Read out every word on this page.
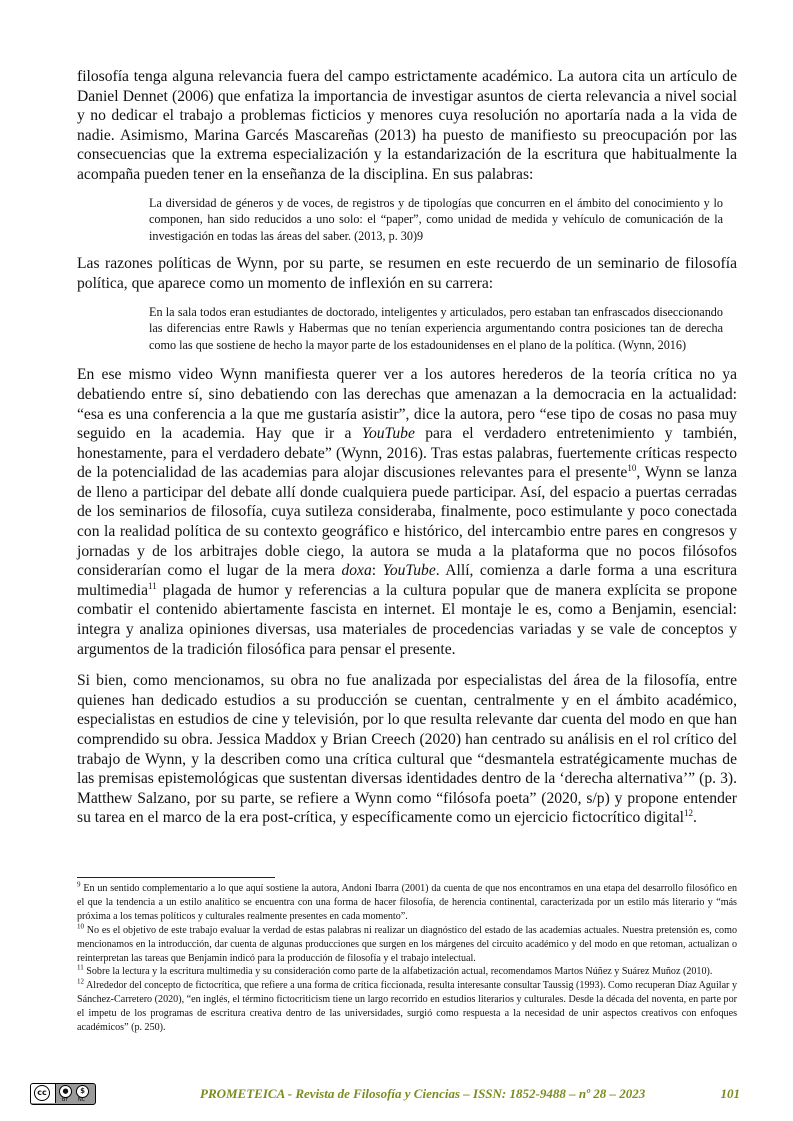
filosofía tenga alguna relevancia fuera del campo estrictamente académico. La autora cita un artículo de Daniel Dennet (2006) que enfatiza la importancia de investigar asuntos de cierta relevancia a nivel social y no dedicar el trabajo a problemas ficticios y menores cuya resolución no aportaría nada a la vida de nadie. Asimismo, Marina Garcés Mascareñas (2013) ha puesto de manifiesto su preocupación por las consecuencias que la extrema especialización y la estandarización de la escritura que habitualmente la acompaña pueden tener en la enseñanza de la disciplina. En sus palabras:

La diversidad de géneros y de voces, de registros y de tipologías que concurren en el ámbito del conocimiento y lo componen, han sido reducidos a uno solo: el “paper”, como unidad de medida y vehículo de comunicación de la investigación en todas las áreas del saber. (2013, p. 30)9

Las razones políticas de Wynn, por su parte, se resumen en este recuerdo de un seminario de filosofía política, que aparece como un momento de inflexión en su carrera:

En la sala todos eran estudiantes de doctorado, inteligentes y articulados, pero estaban tan enfrascados diseccionando las diferencias entre Rawls y Habermas que no tenían experiencia argumentando contra posiciones tan de derecha como las que sostiene de hecho la mayor parte de los estadounidenses en el plano de la política. (Wynn, 2016)

En ese mismo video Wynn manifiesta querer ver a los autores herederos de la teoría crítica no ya debatiendo entre sí, sino debatiendo con las derechas que amenazan a la democracia en la actualidad: “esa es una conferencia a la que me gustaría asistir”, dice la autora, pero “ese tipo de cosas no pasa muy seguido en la academia. Hay que ir a YouTube para el verdadero entretenimiento y también, honestamente, para el verdadero debate” (Wynn, 2016). Tras estas palabras, fuertemente críticas respecto de la potencialidad de las academias para alojar discusiones relevantes para el presente$^{10}$, Wynn se lanza de lleno a participar del debate allí donde cualquiera puede participar. Así, del espacio a puertas cerradas de los seminarios de filosofía, cuya sutileza consideraba, finalmente, poco estimulante y poco conectada con la realidad política de su contexto geográfico e histórico, del intercambio entre pares en congresos y jornadas y de los arbitrajes doble ciego, la autora se muda a la plataforma que no pocos filósofos considerarían como el lugar de la mera doxa: YouTube. Allí, comienza a darle forma a una escritura multimedia$^{11}$ plagada de humor y referencias a la cultura popular que de manera explícita se propone combatir el contenido abiertamente fascista en internet. El montaje le es, como a Benjamin, esencial: integra y analiza opiniones diversas, usa materiales de procedencias variadas y se vale de conceptos y argumentos de la tradición filosófica para pensar el presente.

Si bien, como mencionamos, su obra no fue analizada por especialistas del área de la filosofía, entre quienes han dedicado estudios a su producción se cuentan, centralmente y en el ámbito académico, especialistas en estudios de cine y televisión, por lo que resulta relevante dar cuenta del modo en que han comprendido su obra. Jessica Maddox y Brian Creech (2020) han centrado su análisis en el rol crítico del trabajo de Wynn, y la describen como una crítica cultural que “desmantela estratégicamente muchas de las premisas epistemológicas que sustentan diversas identidades dentro de la ‘derecha alternativa’” (p. 3). Matthew Salzano, por su parte, se refiere a Wynn como “filósofa poeta” (2020, s/p) y propone entender su tarea en el marco de la era post-crítica, y específicamente como un ejercicio fictocrítico digital$^{12}$.

$^9$ En un sentido complementario a lo que aquí sostiene la autora, Andoni Ibarra (2001) da cuenta de que nos encontramos en una etapa del desarrollo filosófico en el que la tendencia a un estilo analítico se encuentra con una forma de hacer filosofía, de herencia continental, caracterizada por un estilo más literario y “más próxima a los temas políticos y culturales realmente presentes en cada momento”.

$^{10}$ No es el objetivo de este trabajo evaluar la verdad de estas palabras ni realizar un diagnóstico del estado de las academias actuales. Nuestra pretensión es, como mencionamos en la introducción, dar cuenta de algunas producciones que surgen en los márgenes del circuito académico y del modo en que retoman, actualizan o reinterpretan las tareas que Benjamin indicó para la producción de filosofía y el trabajo intelectual.

$^{11}$ Sobre la lectura y la escritura multimedia y su consideración como parte de la alfabetización actual, recomendamos Martos Núñez y Suárez Muñoz (2010).

$^{12}$ Alrededor del concepto de fictocrítica, que refiere a una forma de crítica ficcionada, resulta interesante consultar Taussig (1993). Como recuperan Díaz Aguilar y Sánchez-Carretero (2020), “en inglés, el término fictocriticism tiene un largo recorrido en estudios literarios y culturales. Desde la década del noventa, en parte por el impetu de los programas de escritura creativa dentro de las universidades, surgió como respuesta a la necesidad de unir aspectos creativos con enfoques académicos” (p. 250).

cc	●	$
BY NC	PROMETEICA - Revista de Filosofía y Ciencias – ISSN: 1852-9488 – nº 28 – 2023	101
